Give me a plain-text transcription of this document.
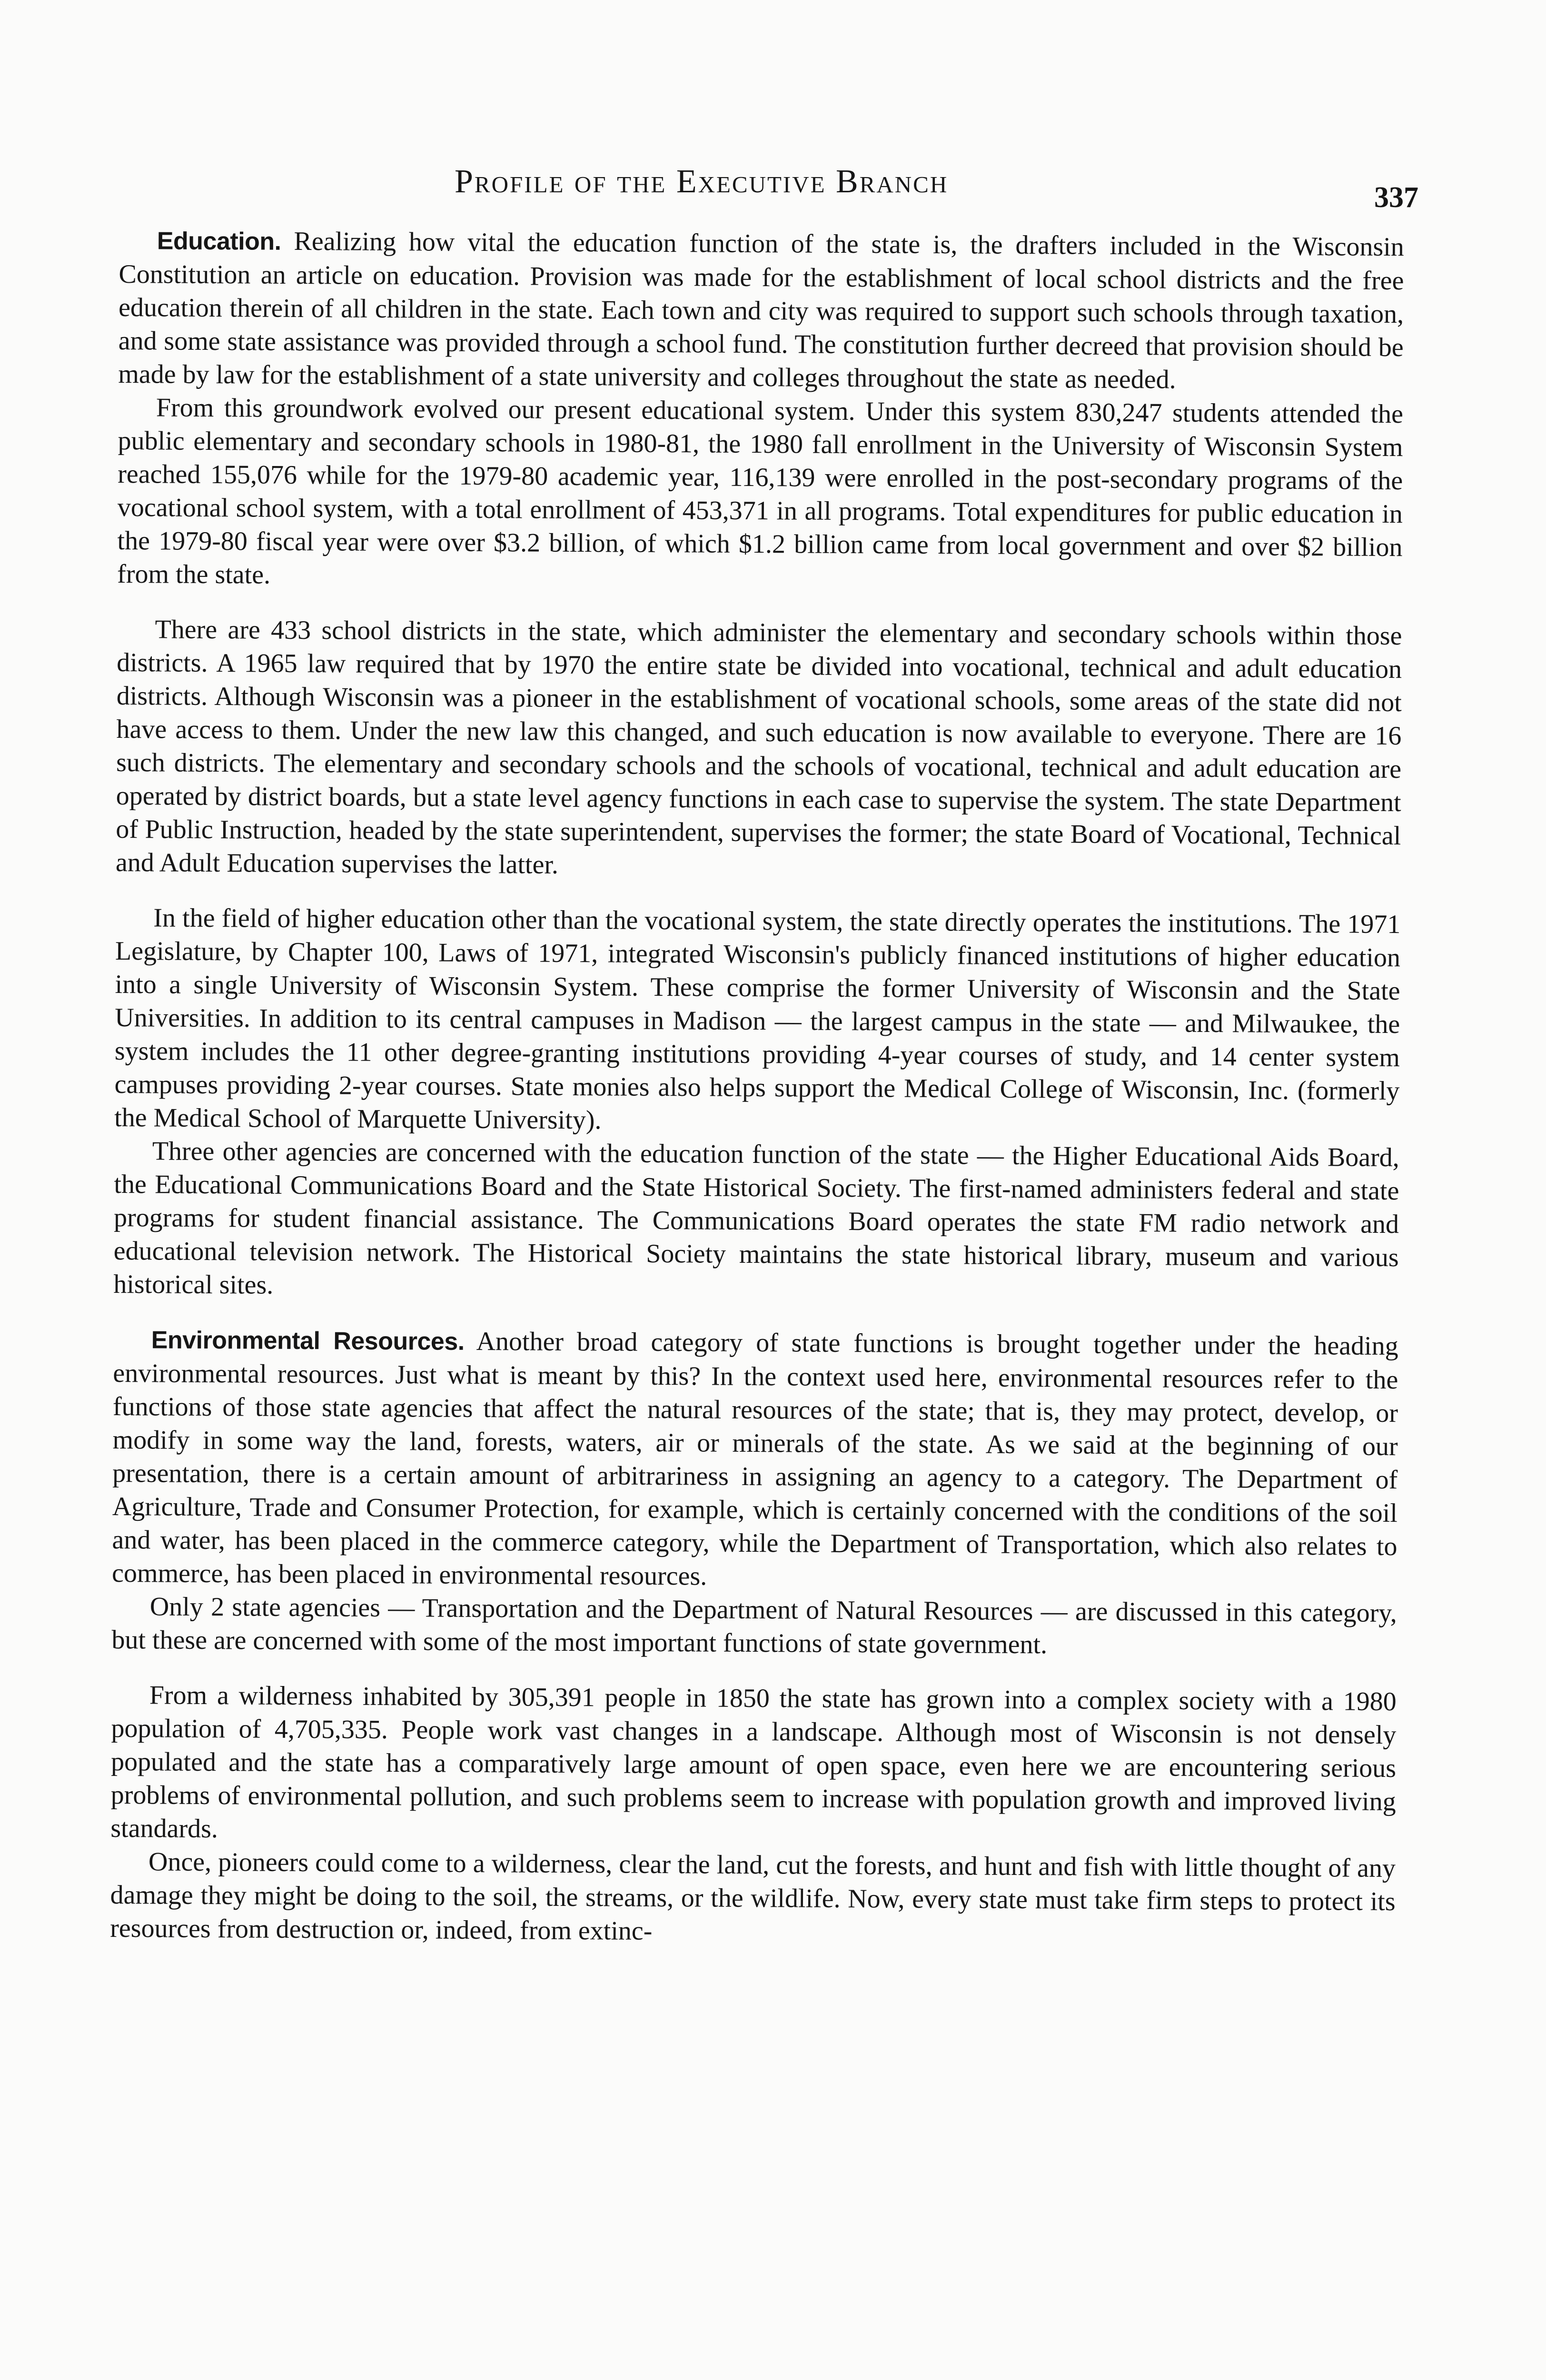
Profile of the Executive Branch	337

Education. Realizing how vital the education function of the state is, the drafters included in the Wisconsin Constitution an article on education. Provision was made for the establishment of local school districts and the free education therein of all children in the state. Each town and city was required to support such schools through taxation, and some state assistance was provided through a school fund. The constitution further decreed that provision should be made by law for the establishment of a state university and colleges throughout the state as needed.

From this groundwork evolved our present educational system. Under this system 830,247 students attended the public elementary and secondary schools in 1980-81, the 1980 fall enrollment in the University of Wisconsin System reached 155,076 while for the 1979-80 academic year, 116,139 were enrolled in the post-secondary programs of the vocational school system, with a total enrollment of 453,371 in all programs. Total expenditures for public education in the 1979-80 fiscal year were over $3.2 billion, of which $1.2 billion came from local government and over $2 billion from the state.

There are 433 school districts in the state, which administer the elementary and secondary schools within those districts. A 1965 law required that by 1970 the entire state be divided into vocational, technical and adult education districts. Although Wisconsin was a pioneer in the establishment of vocational schools, some areas of the state did not have access to them. Under the new law this changed, and such education is now available to everyone. There are 16 such districts. The elementary and secondary schools and the schools of vocational, technical and adult education are operated by district boards, but a state level agency functions in each case to supervise the system. The state Department of Public Instruction, headed by the state superintendent, supervises the former; the state Board of Vocational, Technical and Adult Education supervises the latter.

In the field of higher education other than the vocational system, the state directly operates the institutions. The 1971 Legislature, by Chapter 100, Laws of 1971, integrated Wisconsin's publicly financed institutions of higher education into a single University of Wisconsin System. These comprise the former University of Wisconsin and the State Universities. In addition to its central campuses in Madison — the largest campus in the state — and Milwaukee, the system includes the 11 other degree-granting institutions providing 4-year courses of study, and 14 center system campuses providing 2-year courses. State monies also helps support the Medical College of Wisconsin, Inc. (formerly the Medical School of Marquette University).

Three other agencies are concerned with the education function of the state — the Higher Educational Aids Board, the Educational Communications Board and the State Historical Society. The first-named administers federal and state programs for student financial assistance. The Communications Board operates the state FM radio network and educational television network. The Historical Society maintains the state historical library, museum and various historical sites.

Environmental Resources. Another broad category of state functions is brought together under the heading environmental resources. Just what is meant by this? In the context used here, environmental resources refer to the functions of those state agencies that affect the natural resources of the state; that is, they may protect, develop, or modify in some way the land, forests, waters, air or minerals of the state. As we said at the beginning of our presentation, there is a certain amount of arbitrariness in assigning an agency to a category. The Department of Agriculture, Trade and Consumer Protection, for example, which is certainly concerned with the conditions of the soil and water, has been placed in the commerce category, while the Department of Transportation, which also relates to commerce, has been placed in environmental resources.

Only 2 state agencies — Transportation and the Department of Natural Resources — are discussed in this category, but these are concerned with some of the most important functions of state government.

From a wilderness inhabited by 305,391 people in 1850 the state has grown into a complex society with a 1980 population of 4,705,335. People work vast changes in a landscape. Although most of Wisconsin is not densely populated and the state has a comparatively large amount of open space, even here we are encountering serious problems of environmental pollution, and such problems seem to increase with population growth and improved living standards.

Once, pioneers could come to a wilderness, clear the land, cut the forests, and hunt and fish with little thought of any damage they might be doing to the soil, the streams, or the wildlife. Now, every state must take firm steps to protect its resources from destruction or, indeed, from extinc-
